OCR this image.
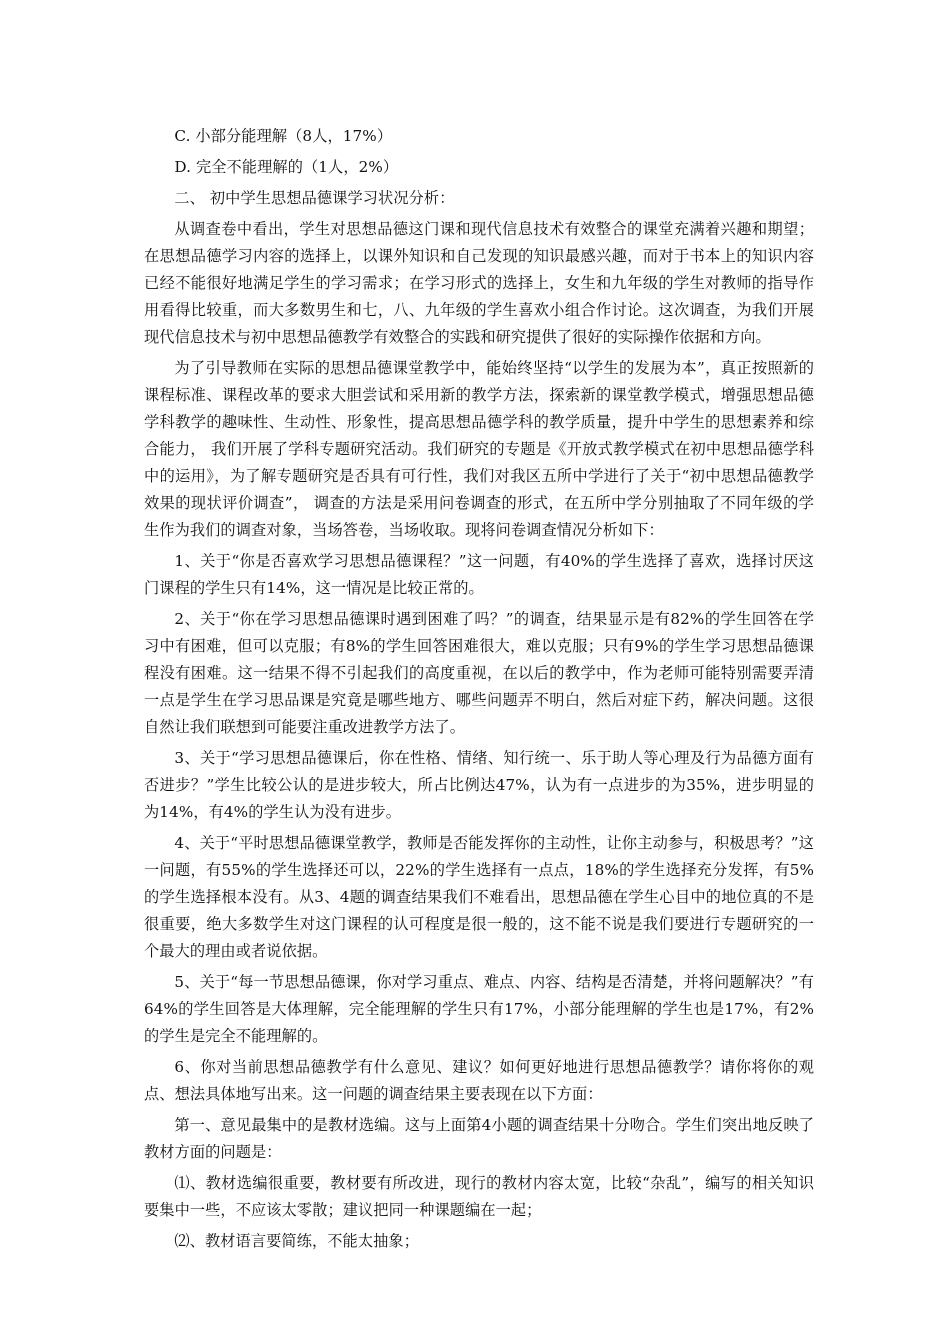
C. 小部分能理解（8人，17%）

D. 完全不能理解的（1人，2%）

二、 初中学生思想品德课学习状况分析：

从调查卷中看出，学生对思想品德这门课和现代信息技术有效整合的课堂充满着兴趣和期望；在思想品德学习内容的选择上，以课外知识和自己发现的知识最感兴趣，而对于书本上的知识内容已经不能很好地满足学生的学习需求；在学习形式的选择上，女生和九年级的学生对教师的指导作用看得比较重，而大多数男生和七，八、九年级的学生喜欢小组合作讨论。这次调查，为我们开展现代信息技术与初中思想品德教学有效整合的实践和研究提供了很好的实际操作依据和方向。

为了引导教师在实际的思想品德课堂教学中，能始终坚持“以学生的发展为本”，真正按照新的课程标准、课程改革的要求大胆尝试和采用新的教学方法，探索新的课堂教学模式，增强思想品德学科教学的趣味性、生动性、形象性，提高思想品德学科的教学质量，提升中学生的思想素养和综合能力， 我们开展了学科专题研究活动。我们研究的专题是《开放式教学模式在初中思想品德学科中的运用》，为了解专题研究是否具有可行性，我们对我区五所中学进行了关于“初中思想品德教学效果的现状评价调查”， 调查的方法是采用问卷调查的形式，在五所中学分别抽取了不同年级的学生作为我们的调查对象，当场答卷，当场收取。现将问卷调查情况分析如下：

1、关于“你是否喜欢学习思想品德课程？”这一问题，有40%的学生选择了喜欢，选择讨厌这门课程的学生只有14%，这一情况是比较正常的。

2、关于“你在学习思想品德课时遇到困难了吗？”的调查，结果显示是有82%的学生回答在学习中有困难，但可以克服；有8%的学生回答困难很大，难以克服；只有9%的学生学习思想品德课程没有困难。这一结果不得不引起我们的高度重视，在以后的教学中，作为老师可能特别需要弄清一点是学生在学习思品课是究竟是哪些地方、哪些问题弄不明白，然后对症下药，解决问题。这很自然让我们联想到可能要注重改进教学方法了。

3、关于“学习思想品德课后，你在性格、情绪、知行统一、乐于助人等心理及行为品德方面有否进步？”学生比较公认的是进步较大，所占比例达47%，认为有一点进步的为35%，进步明显的为14%，有4%的学生认为没有进步。

4、关于“平时思想品德课堂教学，教师是否能发挥你的主动性，让你主动参与，积极思考？”这一问题，有55%的学生选择还可以，22%的学生选择有一点点，18%的学生选择充分发挥，有5%的学生选择根本没有。从3、4题的调查结果我们不难看出，思想品德在学生心目中的地位真的不是很重要，绝大多数学生对这门课程的认可程度是很一般的，这不能不说是我们要进行专题研究的一个最大的理由或者说依据。

5、关于“每一节思想品德课，你对学习重点、难点、内容、结构是否清楚，并将问题解决？”有64%的学生回答是大体理解，完全能理解的学生只有17%，小部分能理解的学生也是17%，有2%的学生是完全不能理解的。

6、你对当前思想品德教学有什么意见、建议？如何更好地进行思想品德教学？请你将你的观点、想法具体地写出来。这一问题的调查结果主要表现在以下方面：

第一、意见最集中的是教材选编。这与上面第4小题的调查结果十分吻合。学生们突出地反映了教材方面的问题是：

⑴、教材选编很重要，教材要有所改进，现行的教材内容太宽，比较“杂乱”，编写的相关知识要集中一些，不应该太零散；建议把同一种课题编在一起；

⑵、教材语言要简练，不能太抽象；
